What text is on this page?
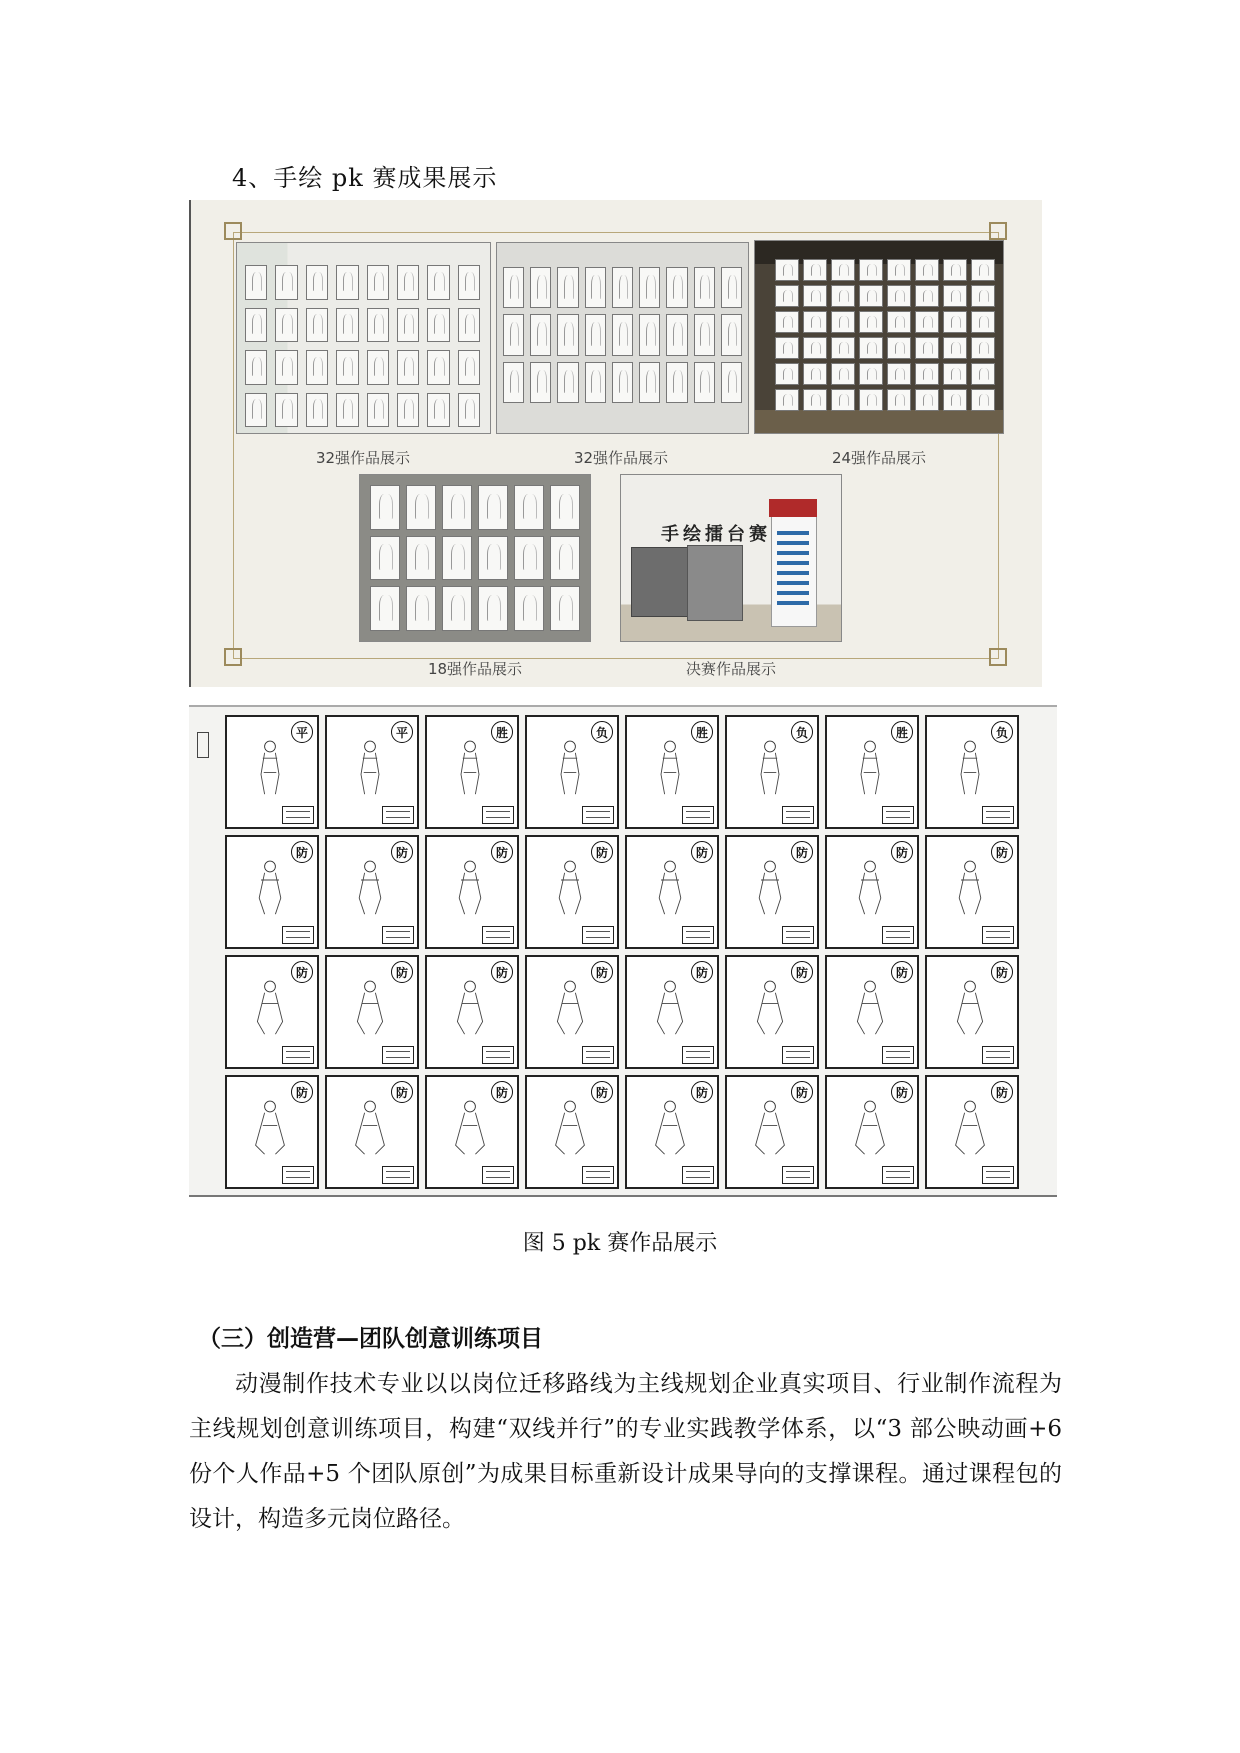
4、手绘 pk 赛成果展示
32强作品展示	32强作品展示	24强作品展示
手绘擂台赛
18强作品展示	决赛作品展示
平	平	胜	负	胜	负	胜	负
防	防	防	防	防	防	防	防
防	防	防	防	防	防	防	防
防	防	防	防	防	防	防	防
图 5 pk 赛作品展示
（三）创造营—团队创意训练项目
动漫制作技术专业以以岗位迁移路线为主线规划企业真实项目、行业制作流程为主线规划创意训练项目，构建“双线并行”的专业实践教学体系，以“3 部公映动画+6 份个人作品+5 个团队原创”为成果目标重新设计成果导向的支撑课程。通过课程包的设计，构造多元岗位路径。
